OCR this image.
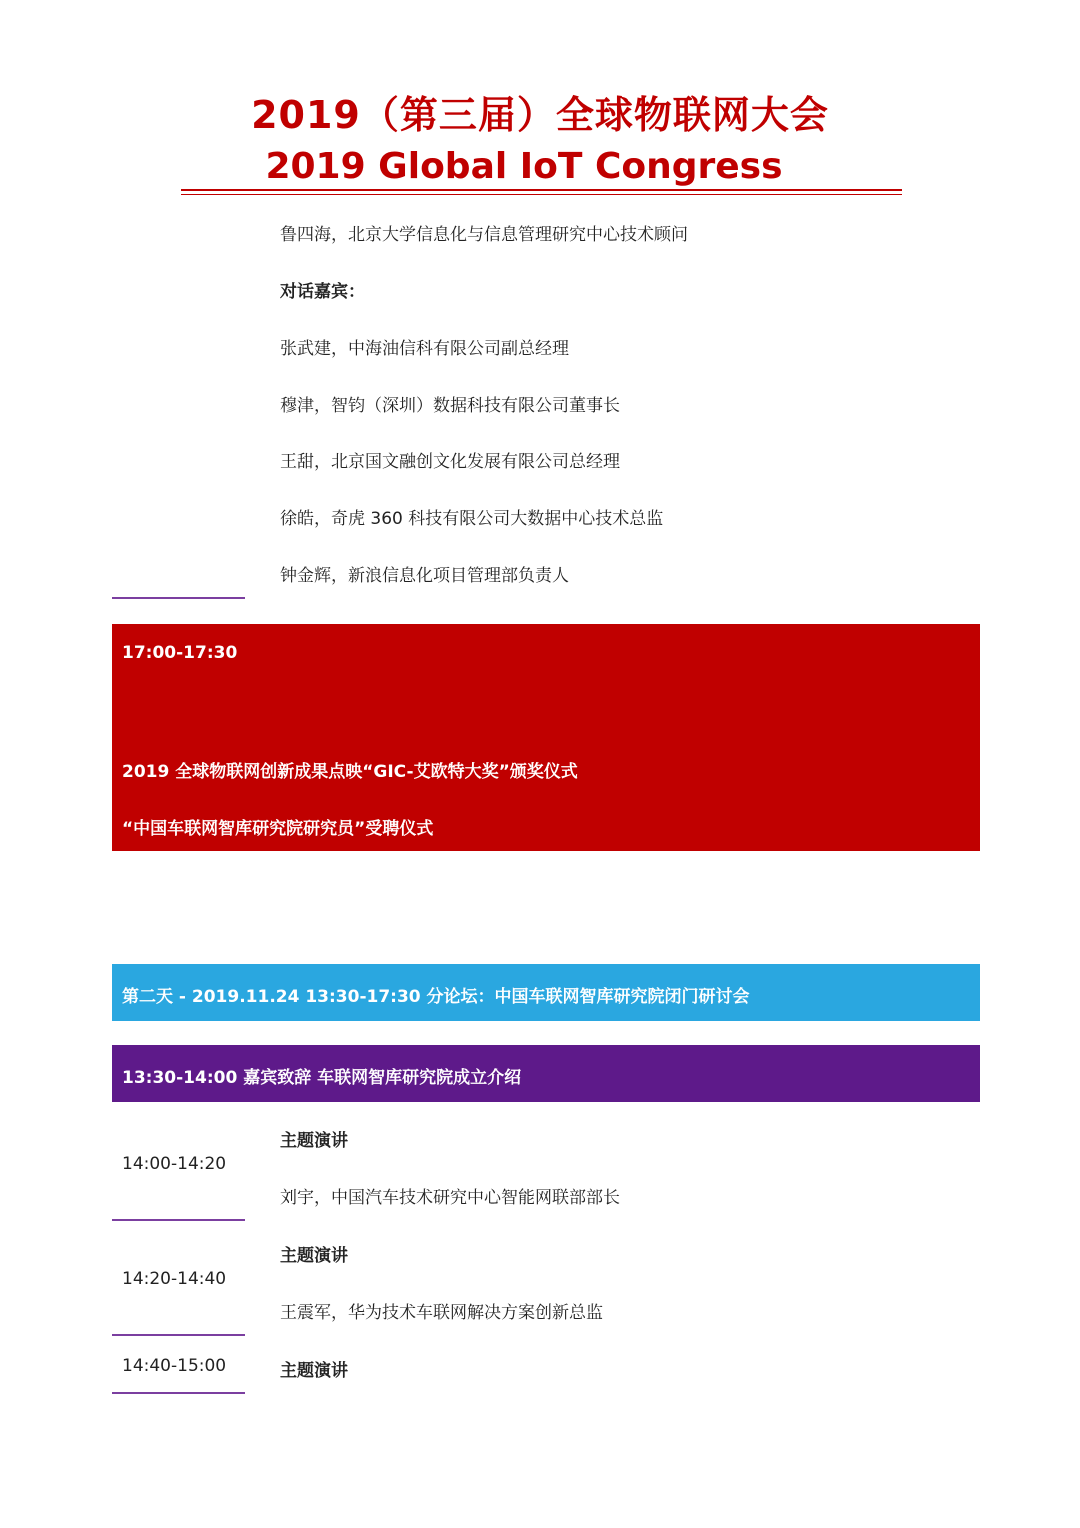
2019（第三届）全球物联网大会
2019 Global IoT Congress
鲁四海，北京大学信息化与信息管理研究中心技术顾问
对话嘉宾：
张武建，中海油信科有限公司副总经理
穆津，智钧（深圳）数据科技有限公司董事长
王甜，北京国文融创文化发展有限公司总经理
徐皓，奇虎 360 科技有限公司大数据中心技术总监
钟金辉，新浪信息化项目管理部负责人
17:00-17:30
2019 全球物联网创新成果点映“GIC-艾欧特大奖”颁奖仪式
“中国车联网智库研究院研究员”受聘仪式
第二天 - 2019.11.24 13:30-17:30 分论坛：中国车联网智库研究院闭门研讨会
13:30-14:00 嘉宾致辞 车联网智库研究院成立介绍
14:00-14:20
主题演讲
刘宇，中国汽车技术研究中心智能网联部部长
14:20-14:40
主题演讲
王震军，华为技术车联网解决方案创新总监
14:40-15:00	主题演讲
